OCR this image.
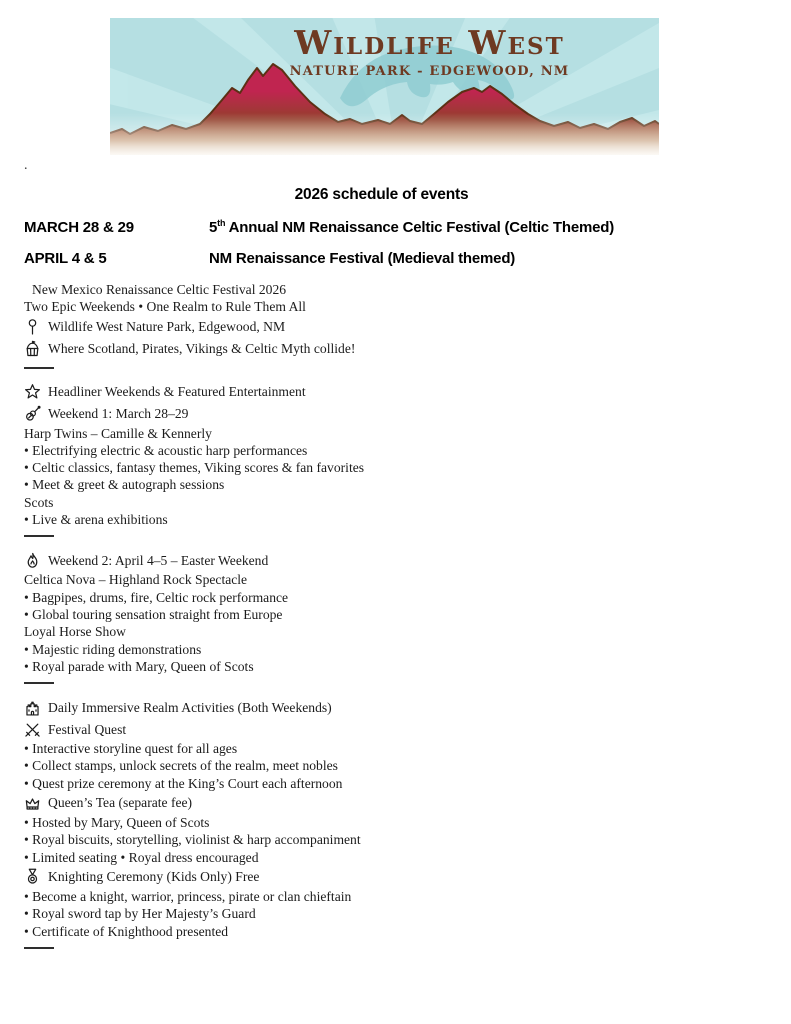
Wildlife West
NATURE PARK - EDGEWOOD, NM
.
2026 schedule of events
MARCH 28 & 29	5th Annual NM Renaissance Celtic Festival (Celtic Themed)
APRIL 4 & 5	NM Renaissance Festival (Medieval themed)
New Mexico Renaissance Celtic Festival 2026
Two Epic Weekends • One Realm to Rule Them All
Wildlife West Nature Park, Edgewood, NM
Where Scotland, Pirates, Vikings & Celtic Myth collide!
Headliner Weekends & Featured Entertainment
Weekend 1: March 28–29
Harp Twins – Camille & Kennerly
• Electrifying electric & acoustic harp performances
• Celtic classics, fantasy themes, Viking scores & fan favorites
• Meet & greet & autograph sessions
Scots
• Live & arena exhibitions
Weekend 2: April 4–5 – Easter Weekend
Celtica Nova – Highland Rock Spectacle
• Bagpipes, drums, fire, Celtic rock performance
• Global touring sensation straight from Europe
Loyal Horse Show
• Majestic riding demonstrations
• Royal parade with Mary, Queen of Scots
Daily Immersive Realm Activities (Both Weekends)
Festival Quest
• Interactive storyline quest for all ages
• Collect stamps, unlock secrets of the realm, meet nobles
• Quest prize ceremony at the King’s Court each afternoon
Queen’s Tea (separate fee)
• Hosted by Mary, Queen of Scots
• Royal biscuits, storytelling, violinist & harp accompaniment
• Limited seating • Royal dress encouraged
Knighting Ceremony (Kids Only) Free
• Become a knight, warrior, princess, pirate or clan chieftain
• Royal sword tap by Her Majesty’s Guard
• Certificate of Knighthood presented
